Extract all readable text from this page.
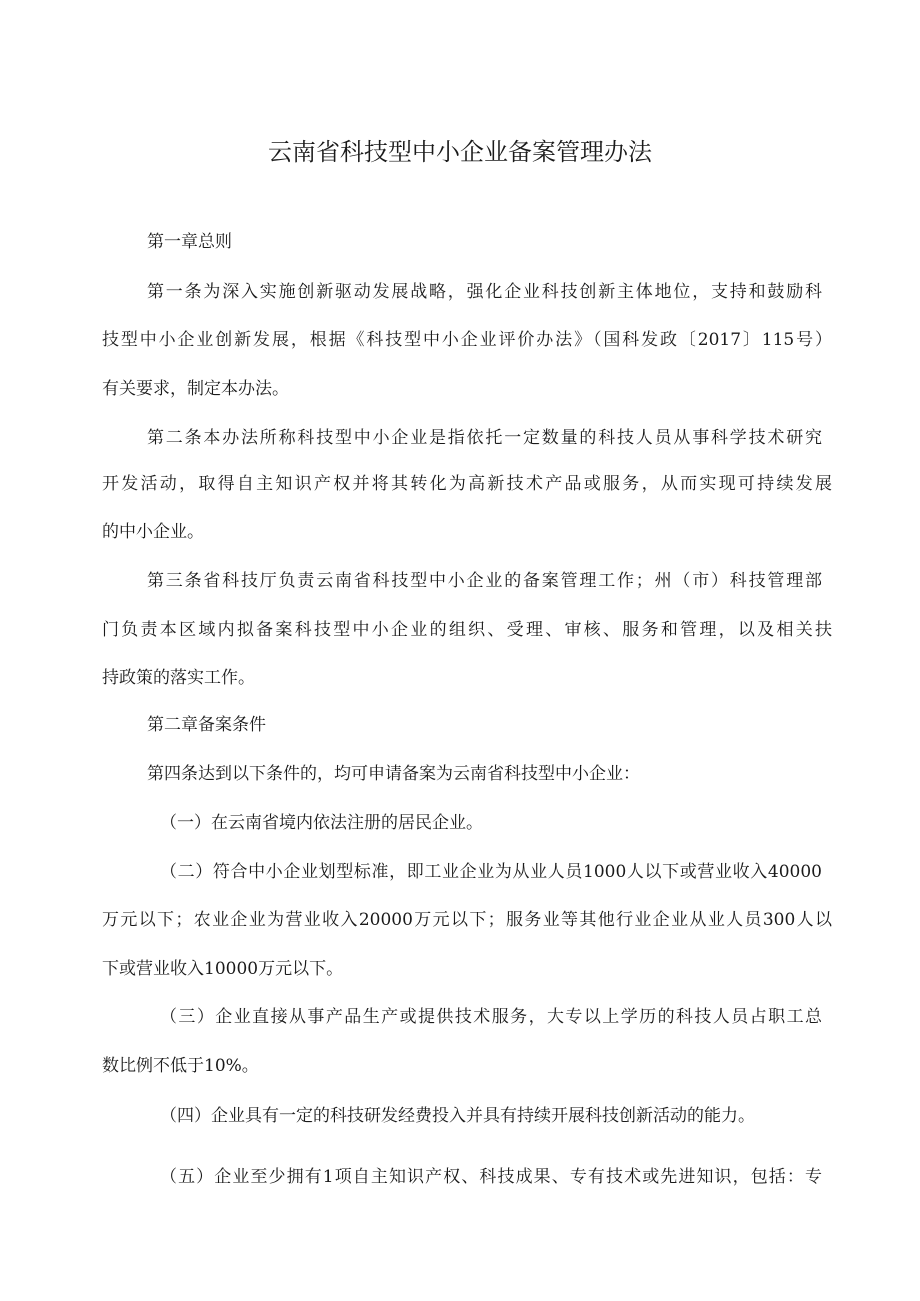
云南省科技型中小企业备案管理办法

第一章总则

第一条为深入实施创新驱动发展战略，强化企业科技创新主体地位，支持和鼓励科

技型中小企业创新发展，根据《科技型中小企业评价办法》（国科发政〔2017〕115号）

有关要求，制定本办法。

第二条本办法所称科技型中小企业是指依托一定数量的科技人员从事科学技术研究

开发活动，取得自主知识产权并将其转化为高新技术产品或服务，从而实现可持续发展

的中小企业。

第三条省科技厅负责云南省科技型中小企业的备案管理工作；州（市）科技管理部

门负责本区域内拟备案科技型中小企业的组织、受理、审核、服务和管理，以及相关扶

持政策的落实工作。

第二章备案条件

第四条达到以下条件的，均可申请备案为云南省科技型中小企业：

（一）在云南省境内依法注册的居民企业。

（二）符合中小企业划型标准，即工业企业为从业人员1000人以下或营业收入40000

万元以下；农业企业为营业收入20000万元以下；服务业等其他行业企业从业人员300人以

下或营业收入10000万元以下。

（三）企业直接从事产品生产或提供技术服务，大专以上学历的科技人员占职工总

数比例不低于10%。

（四）企业具有一定的科技研发经费投入并具有持续开展科技创新活动的能力。

（五）企业至少拥有1项自主知识产权、科技成果、专有技术或先进知识，包括：专
